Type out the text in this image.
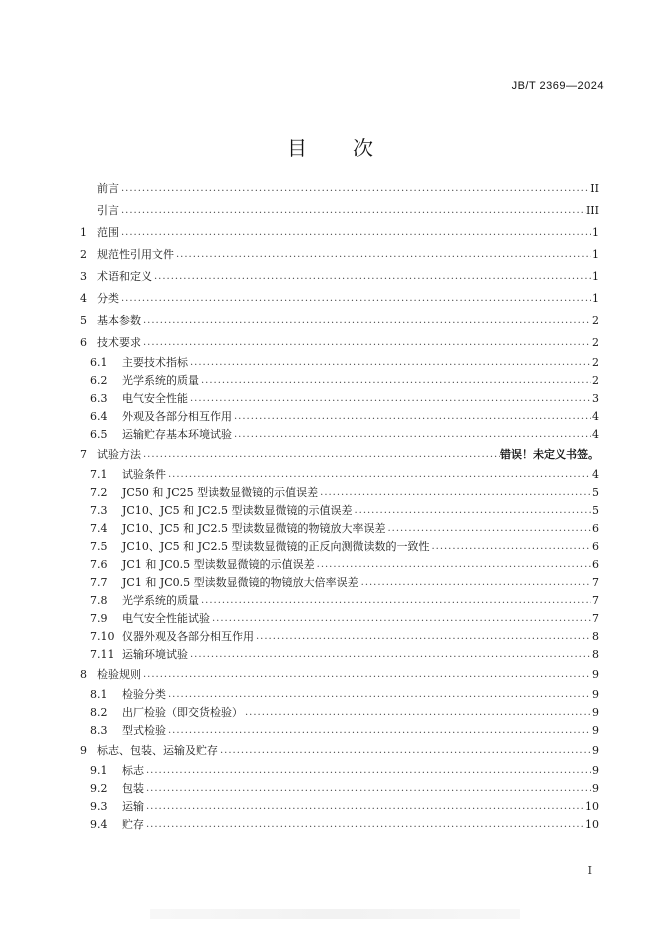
JB/T 2369—2024
目　　次
前言 .....	II
引言 .....	III
1 范围 .....	1
2 规范性引用文件 .....	1
3 术语和定义 .....	1
4 分类 .....	1
5 基本参数 .....	2
6 技术要求 .....	2
6.1	主要技术指标 .....	2
6.2	光学系统的质量 .....	2
6.3	电气安全性能 .....	3
6.4	外观及各部分相互作用 .....	4
6.5	运输贮存基本环境试验 .....	4
7 试验方法 .....	错误！未定义书签。
7.1	试验条件 .....	4
7.2	JC50 和 JC25 型读数显微镜的示值误差 .....	5
7.3	JC10、JC5 和 JC2.5 型读数显微镜的示值误差 .....	5
7.4	JC10、JC5 和 JC2.5 型读数显微镜的物镜放大率误差 .....	6
7.5	JC10、JC5 和 JC2.5 型读数显微镜的正反向测微读数的一致性 .....	6
7.6	JC1 和 JC0.5 型读数显微镜的示值误差 .....	6
7.7	JC1 和 JC0.5 型读数显微镜的物镜放大倍率误差 .....	7
7.8	光学系统的质量 .....	7
7.9	电气安全性能试验 .....	7
7.10 仪器外观及各部分相互作用 .....	8
7.11 运输环境试验 .....	8
8 检验规则 .....	9
8.1	检验分类 .....	9
8.2	出厂检验（即交货检验） .....	9
8.3	型式检验 .....	9
9 标志、包装、运输及贮存 .....	9
9.1	标志 .....	9
9.2	包装 .....	9
9.3	运输 .....	10
9.4	贮存 .....	10
I
